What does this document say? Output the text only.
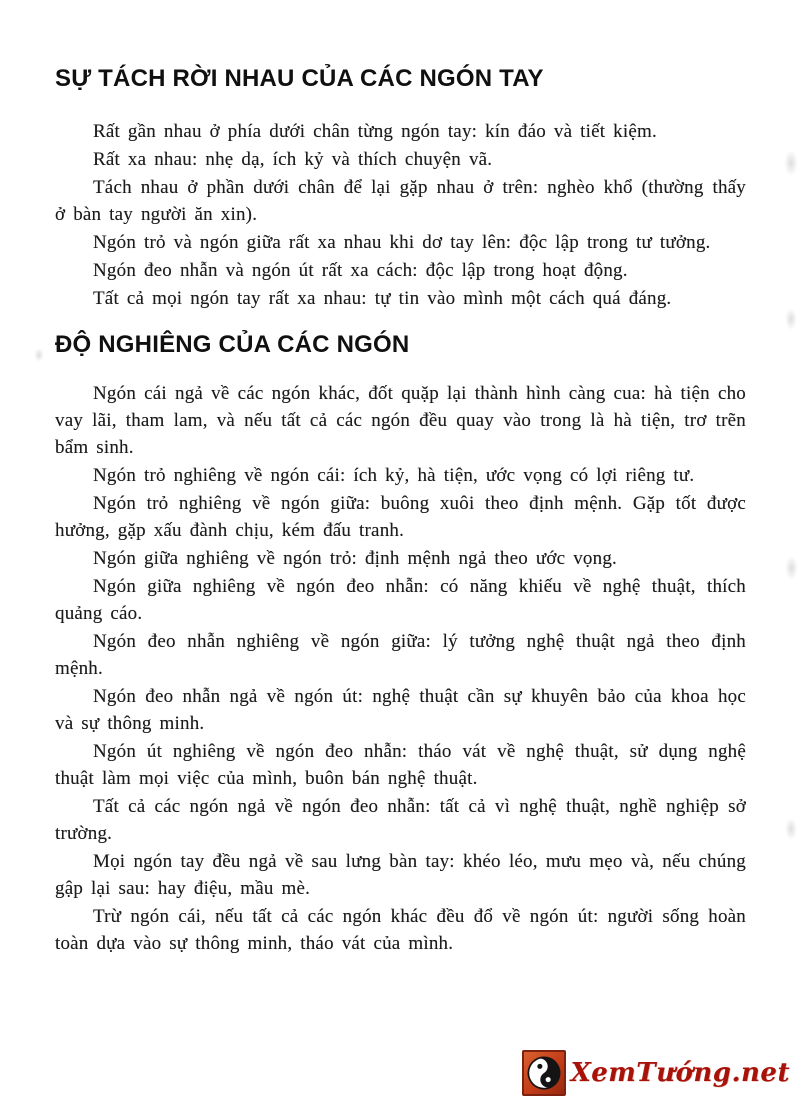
SỰ TÁCH RỜI NHAU CỦA CÁC NGÓN TAY

Rất gần nhau ở phía dưới chân từng ngón tay: kín đáo và tiết kiệm.

Rất xa nhau: nhẹ dạ, ích kỷ và thích chuyện vã.

Tách nhau ở phần dưới chân để lại gặp nhau ở trên: nghèo khổ (thường thấy ở bàn tay người ăn xin).

Ngón trỏ và ngón giữa rất xa nhau khi dơ tay lên: độc lập trong tư tưởng.

Ngón đeo nhẫn và ngón út rất xa cách: độc lập trong hoạt động.

Tất cả mọi ngón tay rất xa nhau: tự tin vào mình một cách quá đáng.

ĐỘ NGHIÊNG CỦA CÁC NGÓN

Ngón cái ngả về các ngón khác, đốt quặp lại thành hình càng cua: hà tiện cho vay lãi, tham lam, và nếu tất cả các ngón đều quay vào trong là hà tiện, trơ trẽn bẩm sinh.

Ngón trỏ nghiêng về ngón cái: ích kỷ, hà tiện, ước vọng có lợi riêng tư.

Ngón trỏ nghiêng về ngón giữa: buông xuôi theo định mệnh. Gặp tốt được hưởng, gặp xấu đành chịu, kém đấu tranh.

Ngón giữa nghiêng về ngón trỏ: định mệnh ngả theo ước vọng.

Ngón giữa nghiêng về ngón đeo nhẫn: có năng khiếu về nghệ thuật, thích quảng cáo.

Ngón đeo nhẫn nghiêng về ngón giữa: lý tưởng nghệ thuật ngả theo định mệnh.

Ngón đeo nhẫn ngả về ngón út: nghệ thuật cần sự khuyên bảo của khoa học và sự thông minh.

Ngón út nghiêng về ngón đeo nhẫn: tháo vát về nghệ thuật, sử dụng nghệ thuật làm mọi việc của mình, buôn bán nghệ thuật.

Tất cả các ngón ngả về ngón đeo nhẫn: tất cả vì nghệ thuật, nghề nghiệp sở trường.

Mọi ngón tay đều ngả về sau lưng bàn tay: khéo léo, mưu mẹo và, nếu chúng gập lại sau: hay điệu, mầu mè.

Trừ ngón cái, nếu tất cả các ngón khác đều đổ về ngón út: người sống hoàn toàn dựa vào sự thông minh, tháo vát của mình.

XemTướng.net
